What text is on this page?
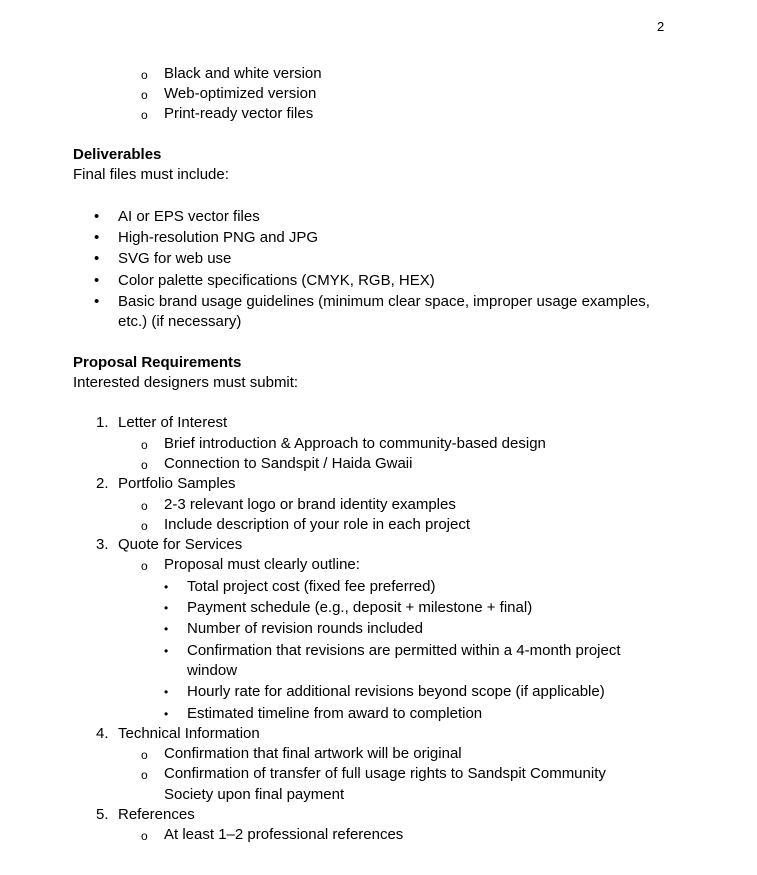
2
o Black and white version
o Web-optimized version
o Print-ready vector files
Deliverables
Final files must include:
• AI or EPS vector files
• High-resolution PNG and JPG
• SVG for web use
• Color palette specifications (CMYK, RGB, HEX)
• Basic brand usage guidelines (minimum clear space, improper usage examples,
etc.) (if necessary)
Proposal Requirements
Interested designers must submit:
1. Letter of Interest
o Brief introduction & Approach to community-based design
o Connection to Sandspit / Haida Gwaii
2. Portfolio Samples
o 2-3 relevant logo or brand identity examples
o Include description of your role in each project
3. Quote for Services
o Proposal must clearly outline:
• Total project cost (fixed fee preferred)
• Payment schedule (e.g., deposit + milestone + final)
• Number of revision rounds included
• Confirmation that revisions are permitted within a 4-month project
window
• Hourly rate for additional revisions beyond scope (if applicable)
• Estimated timeline from award to completion
4. Technical Information
o Confirmation that final artwork will be original
o Confirmation of transfer of full usage rights to Sandspit Community
Society upon final payment
5. References
o At least 1–2 professional references
